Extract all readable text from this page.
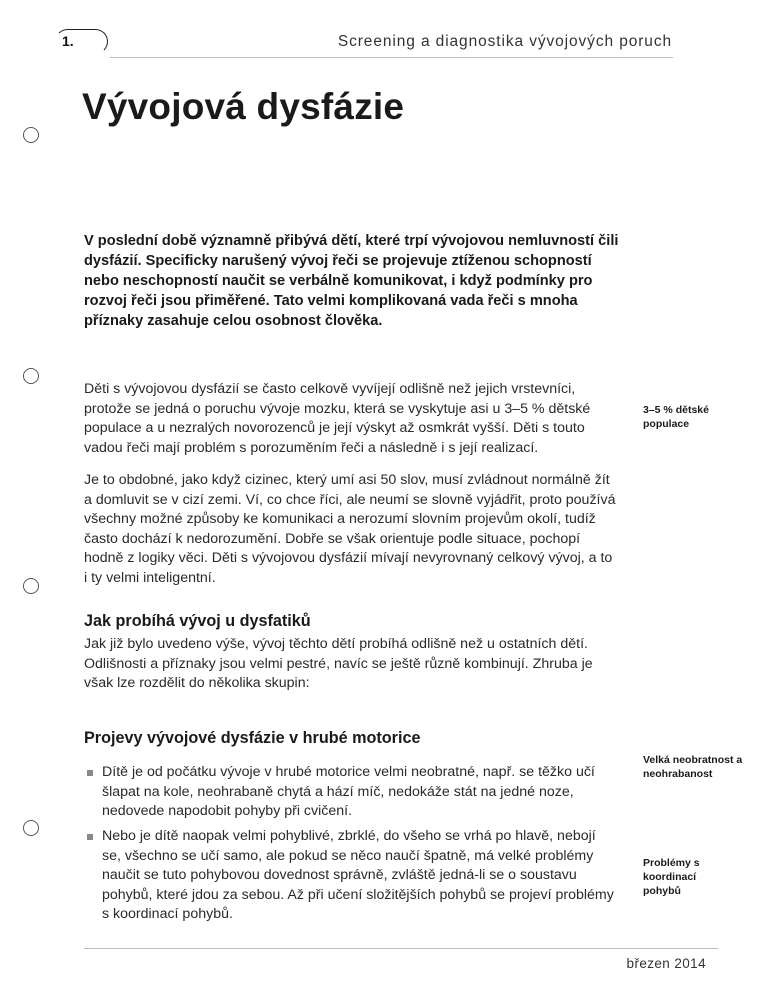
1.	Screening a diagnostika vývojových poruch
Vývojová dysfázie

V poslední době významně přibývá dětí, které trpí vývojovou nemluvností čili dysfázií. Specificky narušený vývoj řeči se projevuje ztíženou schopností nebo neschopností naučit se verbálně komunikovat, i když podmínky pro rozvoj řeči jsou přiměřené. Tato velmi komplikovaná vada řeči s mnoha příznaky zasahuje celou osobnost člověka.

Děti s vývojovou dysfázií se často celkově vyvíjejí odlišně než jejich vrstevníci, protože se jedná o poruchu vývoje mozku, která se vyskytuje asi u 3–5 % dětské populace a u nezralých novorozenců je její výskyt až osmkrát vyšší. Děti s touto vadou řeči mají problém s porozuměním řeči a následně i s její realizací.

3–5 % dětské populace

Je to obdobné, jako když cizinec, který umí asi 50 slov, musí zvládnout normálně žít a domluvit se v cizí zemi. Ví, co chce říci, ale neumí se slovně vyjádřit, proto používá všechny možné způsoby ke komunikaci a nerozumí slovním projevům okolí, tudíž často dochází k nedorozumění. Dobře se však orientuje podle situace, pochopí hodně z logiky věci. Děti s vývojovou dysfázií mívají nevyrovnaný celkový vývoj, a to i ty velmi inteligentní.

Jak probíhá vývoj u dysfatiků

Jak již bylo uvedeno výše, vývoj těchto dětí probíhá odlišně než u ostatních dětí. Odlišnosti a příznaky jsou velmi pestré, navíc se ještě různě kombinují. Zhruba je však lze rozdělit do několika skupin:

Projevy vývojové dysfázie v hrubé motorice
Dítě je od počátku vývoje v hrubé motorice velmi neobratné, např. se těžko učí šlapat na kole, neohrabaně chytá a hází míč, nedokáže stát na jedné noze, nedovede napodobit pohyby při cvičení.
Velká neobratnost a neohrabanost
Nebo je dítě naopak velmi pohyblivé, zbrklé, do všeho se vrhá po hlavě, nebojí se, všechno se učí samo, ale pokud se něco naučí špatně, má velké problémy naučit se tuto pohybovou dovednost správně, zvláště jedná-li se o soustavu pohybů, které jdou za sebou. Až při učení složitějších pohybů se projeví problémy s koordinací pohybů.
Problémy s koordinací pohybů
březen 2014
